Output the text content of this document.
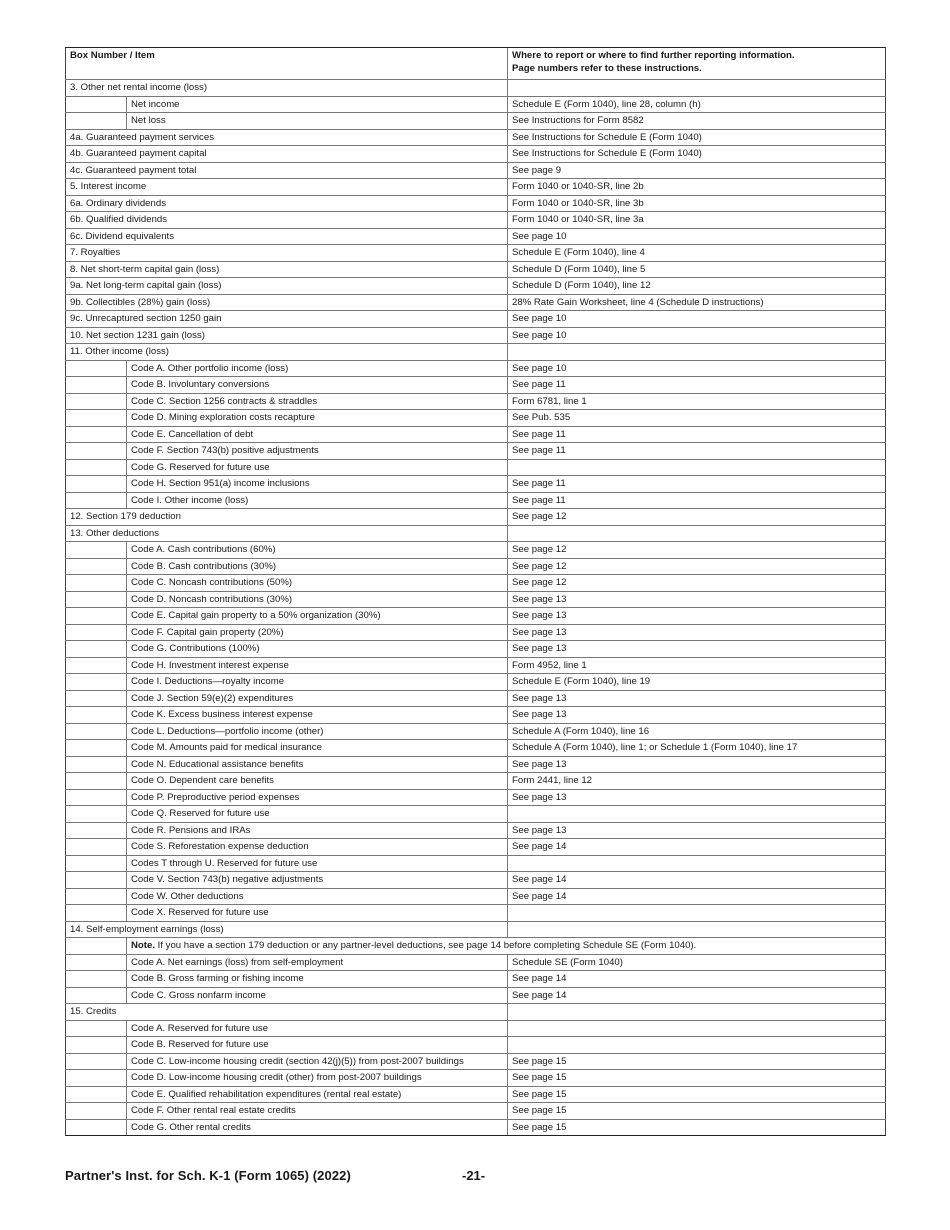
Box Number / Item		Where to report or where to find further reporting information.
Page numbers refer to these instructions.

3. Other net rental income (loss)		
	Net income	Schedule E (Form 1040), line 28, column (h)
	Net loss	See Instructions for Form 8582
4a. Guaranteed payment services		See Instructions for Schedule E (Form 1040)
4b. Guaranteed payment capital		See Instructions for Schedule E (Form 1040)
4c. Guaranteed payment total		See page 9
5. Interest income		Form 1040 or 1040-SR, line 2b
6a. Ordinary dividends		Form 1040 or 1040-SR, line 3b
6b. Qualified dividends		Form 1040 or 1040-SR, line 3a
6c. Dividend equivalents		See page 10
7. Royalties		Schedule E (Form 1040), line 4
8. Net short-term capital gain (loss)		Schedule D (Form 1040), line 5
9a. Net long-term capital gain (loss)		Schedule D (Form 1040), line 12
9b. Collectibles (28%) gain (loss)		28% Rate Gain Worksheet, line 4 (Schedule D instructions)
9c. Unrecaptured section 1250 gain		See page 10
10. Net section 1231 gain (loss)		See page 10
11. Other income (loss)		
	Code A. Other portfolio income (loss)	See page 10
	Code B. Involuntary conversions	See page 11
	Code C. Section 1256 contracts & straddles	Form 6781, line 1
	Code D. Mining exploration costs recapture	See Pub. 535
	Code E. Cancellation of debt	See page 11
	Code F. Section 743(b) positive adjustments	See page 11
	Code G. Reserved for future use	
	Code H. Section 951(a) income inclusions	See page 11
	Code I. Other income (loss)	See page 11
12. Section 179 deduction		See page 12
13. Other deductions		
	Code A. Cash contributions (60%)	See page 12
	Code B. Cash contributions (30%)	See page 12
	Code C. Noncash contributions (50%)	See page 12
	Code D. Noncash contributions (30%)	See page 13
	Code E. Capital gain property to a 50% organization (30%)	See page 13
	Code F. Capital gain property (20%)	See page 13
	Code G. Contributions (100%)	See page 13
	Code H. Investment interest expense	Form 4952, line 1
	Code I. Deductions—royalty income	Schedule E (Form 1040), line 19
	Code J. Section 59(e)(2) expenditures	See page 13
	Code K. Excess business interest expense	See page 13
	Code L. Deductions—portfolio income (other)	Schedule A (Form 1040), line 16
	Code M. Amounts paid for medical insurance	Schedule A (Form 1040), line 1; or Schedule 1 (Form 1040), line 17
	Code N. Educational assistance benefits	See page 13
	Code O. Dependent care benefits	Form 2441, line 12
	Code P. Preproductive period expenses	See page 13
	Code Q. Reserved for future use	
	Code R. Pensions and IRAs	See page 13
	Code S. Reforestation expense deduction	See page 14
	Codes T through U. Reserved for future use	
	Code V. Section 743(b) negative adjustments	See page 14
	Code W. Other deductions	See page 14
	Code X. Reserved for future use	
14. Self-employment earnings (loss)		
	Note. If you have a section 179 deduction or any partner-level deductions, see page 14 before completing Schedule SE (Form 1040).	
	Code A. Net earnings (loss) from self-employment	Schedule SE (Form 1040)
	Code B. Gross farming or fishing income	See page 14
	Code C. Gross nonfarm income	See page 14
15. Credits		
	Code A. Reserved for future use	
	Code B. Reserved for future use	
	Code C. Low-income housing credit (section 42(j)(5)) from post-2007 buildings	See page 15
	Code D. Low-income housing credit (other) from post-2007 buildings	See page 15
	Code E. Qualified rehabilitation expenditures (rental real estate)	See page 15
	Code F. Other rental real estate credits	See page 15
	Code G. Other rental credits	See page 15
Partner's Inst. for Sch. K-1 (Form 1065) (2022)	-21-
